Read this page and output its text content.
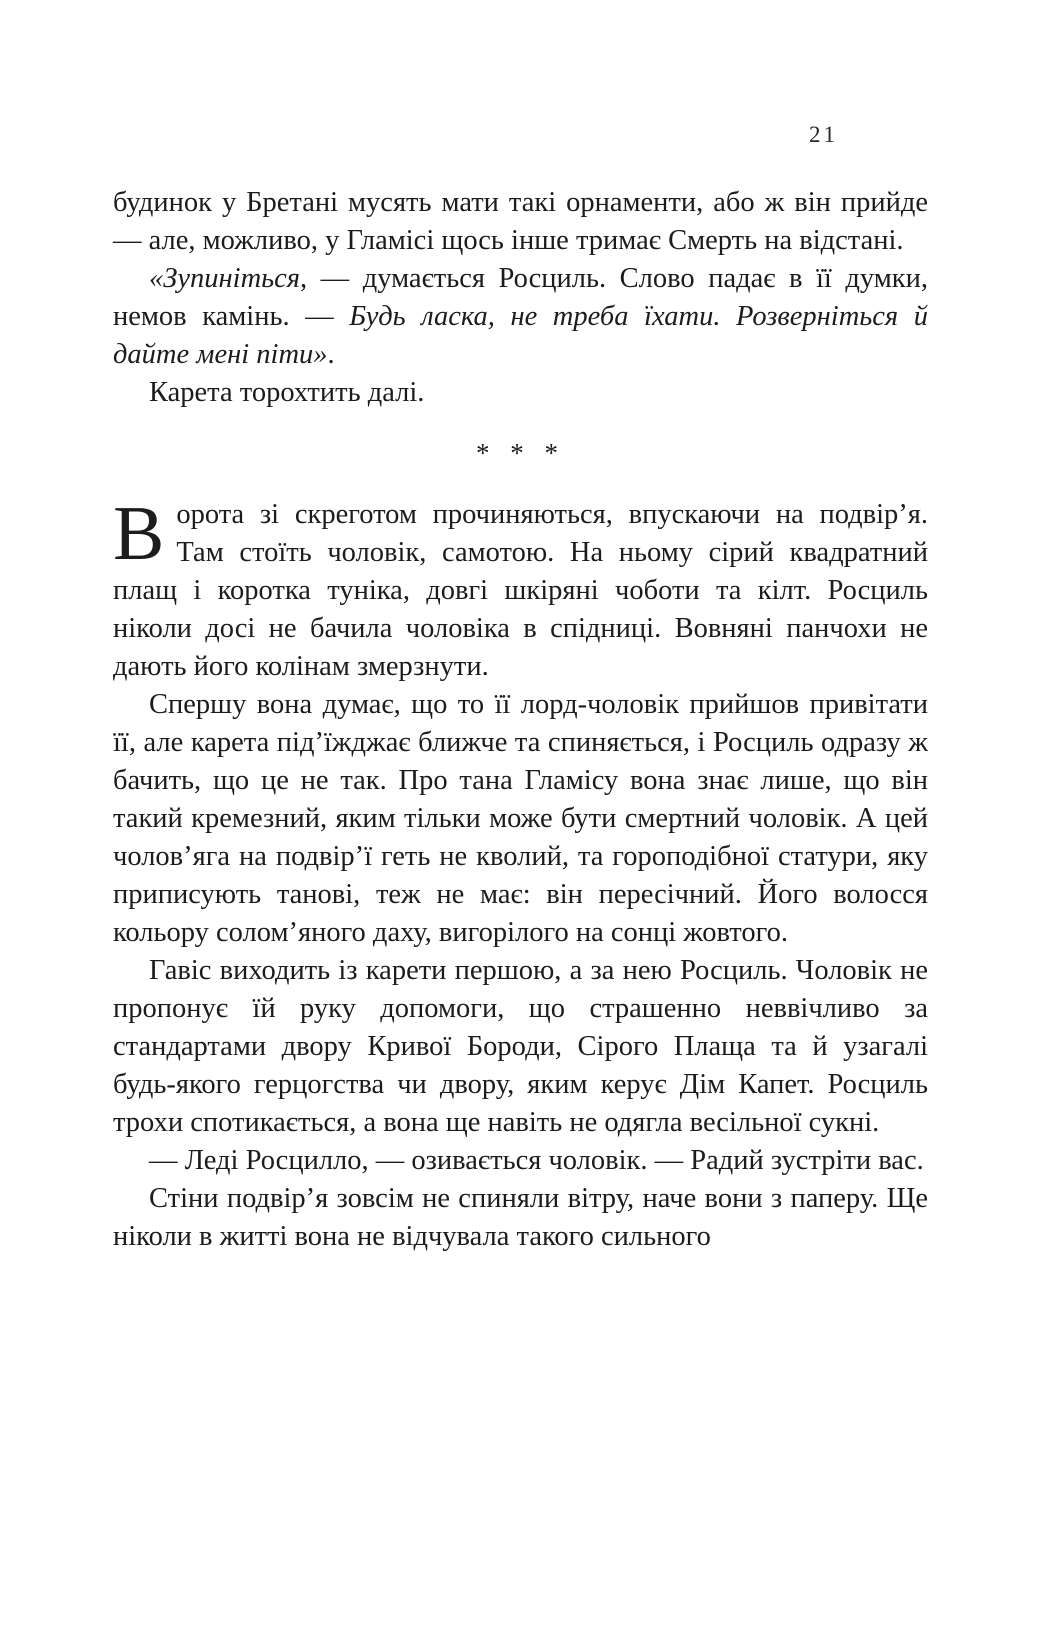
21

будинок у Бретані мусять мати такі орнаменти, або ж він прийде — але, можливо, у Гламісі щось інше тримає Смерть на відстані.

«Зупиніться, — думається Росциль. Слово падає в її думки, немов камінь. — Будь ласка, не треба їхати. Розверніться й дайте мені піти».

Карета торохтить далі.

* * *

Ворота зі скреготом прочиняються, впускаючи на подвір’я. Там стоїть чоловік, самотою. На ньому сірий квадратний плащ і коротка туніка, довгі шкіряні чоботи та кілт. Росциль ніколи досі не бачила чоловіка в спідниці. Вовняні панчохи не дають його колінам змерзнути.

Спершу вона думає, що то її лорд-чоловік прийшов привітати її, але карета під’їжджає ближче та спиняється, і Росциль одразу ж бачить, що це не так. Про тана Гламісу вона знає лише, що він такий кремезний, яким тільки може бути смертний чоловік. А цей чолов’яга на подвір’ї геть не кволий, та гороподібної статури, яку приписують танові, теж не має: він пересічний. Його волосся кольору солом’яного даху, вигорілого на сонці жовтого.

Гавіс виходить із карети першою, а за нею Росциль. Чоловік не пропонує їй руку допомоги, що страшенно неввічливо за стандартами двору Кривої Бороди, Сірого Плаща та й узагалі будь-якого герцогства чи двору, яким керує Дім Капет. Росциль трохи спотикається, а вона ще навіть не одягла весільної сукні.

— Леді Росцилло, — озивається чоловік. — Радий зустріти вас.

Стіни подвір’я зовсім не спиняли вітру, наче вони з паперу. Ще ніколи в житті вона не відчувала такого сильного
